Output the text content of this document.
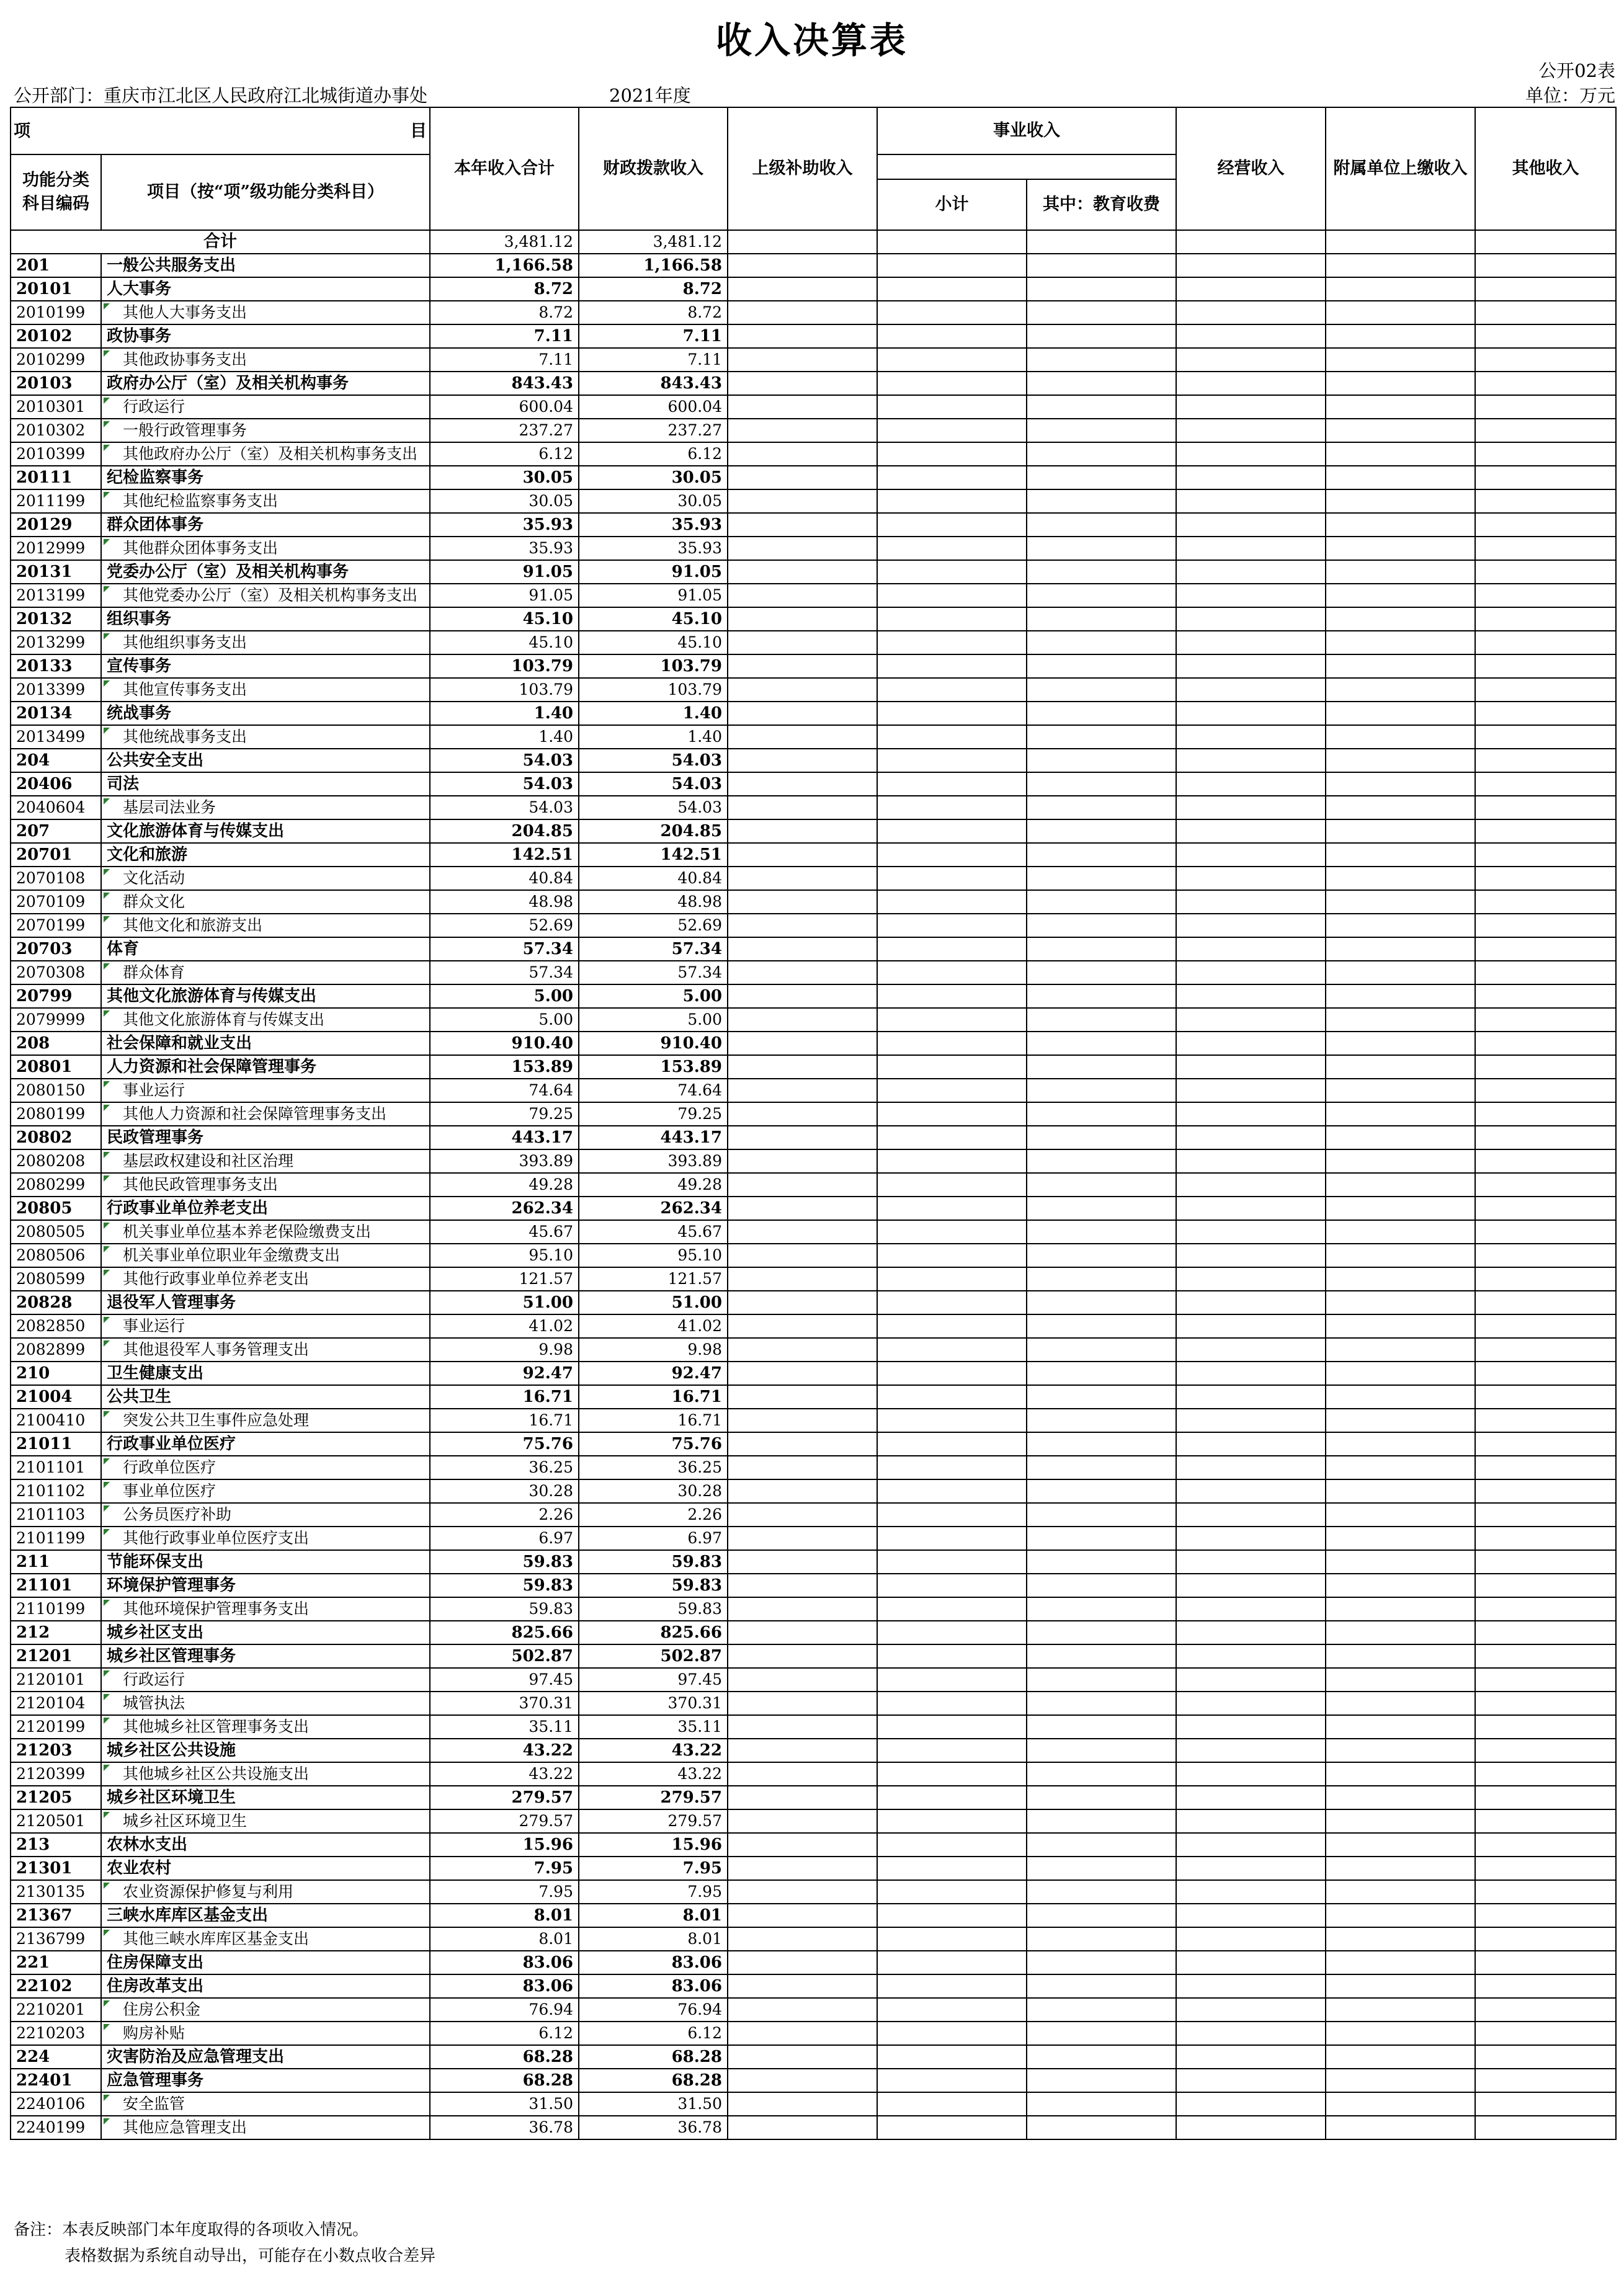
收入决算表
公开02表
公开部门：重庆市江北区人民政府江北城街道办事处	2021年度	单位：万元
项 目		本年收入合计	财政拨款收入	上级补助收入	事业收入		经营收入	附属单位上缴收入	其他收入
功能分类科目编码	项目（按“项”级功能分类科目）								
					小计	其中：教育收费			
合计		3,481.12	3,481.12						
201	一般公共服务支出	1,166.58	1,166.58						
20101	人大事务	8.72	8.72						
2010199	其他人大事务支出	8.72	8.72						
20102	政协事务	7.11	7.11						
2010299	其他政协事务支出	7.11	7.11						
20103	政府办公厅（室）及相关机构事务	843.43	843.43						
2010301	行政运行	600.04	600.04						
2010302	一般行政管理事务	237.27	237.27						
2010399	其他政府办公厅（室）及相关机构事务支出	6.12	6.12						
20111	纪检监察事务	30.05	30.05						
2011199	其他纪检监察事务支出	30.05	30.05						
20129	群众团体事务	35.93	35.93						
2012999	其他群众团体事务支出	35.93	35.93						
20131	党委办公厅（室）及相关机构事务	91.05	91.05						
2013199	其他党委办公厅（室）及相关机构事务支出	91.05	91.05						
20132	组织事务	45.10	45.10						
2013299	其他组织事务支出	45.10	45.10						
20133	宣传事务	103.79	103.79						
2013399	其他宣传事务支出	103.79	103.79						
20134	统战事务	1.40	1.40						
2013499	其他统战事务支出	1.40	1.40						
204	公共安全支出	54.03	54.03						
20406	司法	54.03	54.03						
2040604	基层司法业务	54.03	54.03						
207	文化旅游体育与传媒支出	204.85	204.85						
20701	文化和旅游	142.51	142.51						
2070108	文化活动	40.84	40.84						
2070109	群众文化	48.98	48.98						
2070199	其他文化和旅游支出	52.69	52.69						
20703	体育	57.34	57.34						
2070308	群众体育	57.34	57.34						
20799	其他文化旅游体育与传媒支出	5.00	5.00						
2079999	其他文化旅游体育与传媒支出	5.00	5.00						
208	社会保障和就业支出	910.40	910.40						
20801	人力资源和社会保障管理事务	153.89	153.89						
2080150	事业运行	74.64	74.64						
2080199	其他人力资源和社会保障管理事务支出	79.25	79.25						
20802	民政管理事务	443.17	443.17						
2080208	基层政权建设和社区治理	393.89	393.89						
2080299	其他民政管理事务支出	49.28	49.28						
20805	行政事业单位养老支出	262.34	262.34						
2080505	机关事业单位基本养老保险缴费支出	45.67	45.67						
2080506	机关事业单位职业年金缴费支出	95.10	95.10						
2080599	其他行政事业单位养老支出	121.57	121.57						
20828	退役军人管理事务	51.00	51.00						
2082850	事业运行	41.02	41.02						
2082899	其他退役军人事务管理支出	9.98	9.98						
210	卫生健康支出	92.47	92.47						
21004	公共卫生	16.71	16.71						
2100410	突发公共卫生事件应急处理	16.71	16.71						
21011	行政事业单位医疗	75.76	75.76						
2101101	行政单位医疗	36.25	36.25						
2101102	事业单位医疗	30.28	30.28						
2101103	公务员医疗补助	2.26	2.26						
2101199	其他行政事业单位医疗支出	6.97	6.97						
211	节能环保支出	59.83	59.83						
21101	环境保护管理事务	59.83	59.83						
2110199	其他环境保护管理事务支出	59.83	59.83						
212	城乡社区支出	825.66	825.66						
21201	城乡社区管理事务	502.87	502.87						
2120101	行政运行	97.45	97.45						
2120104	城管执法	370.31	370.31						
2120199	其他城乡社区管理事务支出	35.11	35.11						
21203	城乡社区公共设施	43.22	43.22						
2120399	其他城乡社区公共设施支出	43.22	43.22						
21205	城乡社区环境卫生	279.57	279.57						
2120501	城乡社区环境卫生	279.57	279.57						
213	农林水支出	15.96	15.96						
21301	农业农村	7.95	7.95						
2130135	农业资源保护修复与利用	7.95	7.95						
21367	三峡水库库区基金支出	8.01	8.01						
2136799	其他三峡水库库区基金支出	8.01	8.01						
221	住房保障支出	83.06	83.06						
22102	住房改革支出	83.06	83.06						
2210201	住房公积金	76.94	76.94						
2210203	购房补贴	6.12	6.12						
224	灾害防治及应急管理支出	68.28	68.28						
22401	应急管理事务	68.28	68.28						
2240106	安全监管	31.50	31.50						
2240199	其他应急管理支出	36.78	36.78						
备注：本表反映部门本年度取得的各项收入情况。
表格数据为系统自动导出，可能存在小数点收合差异
